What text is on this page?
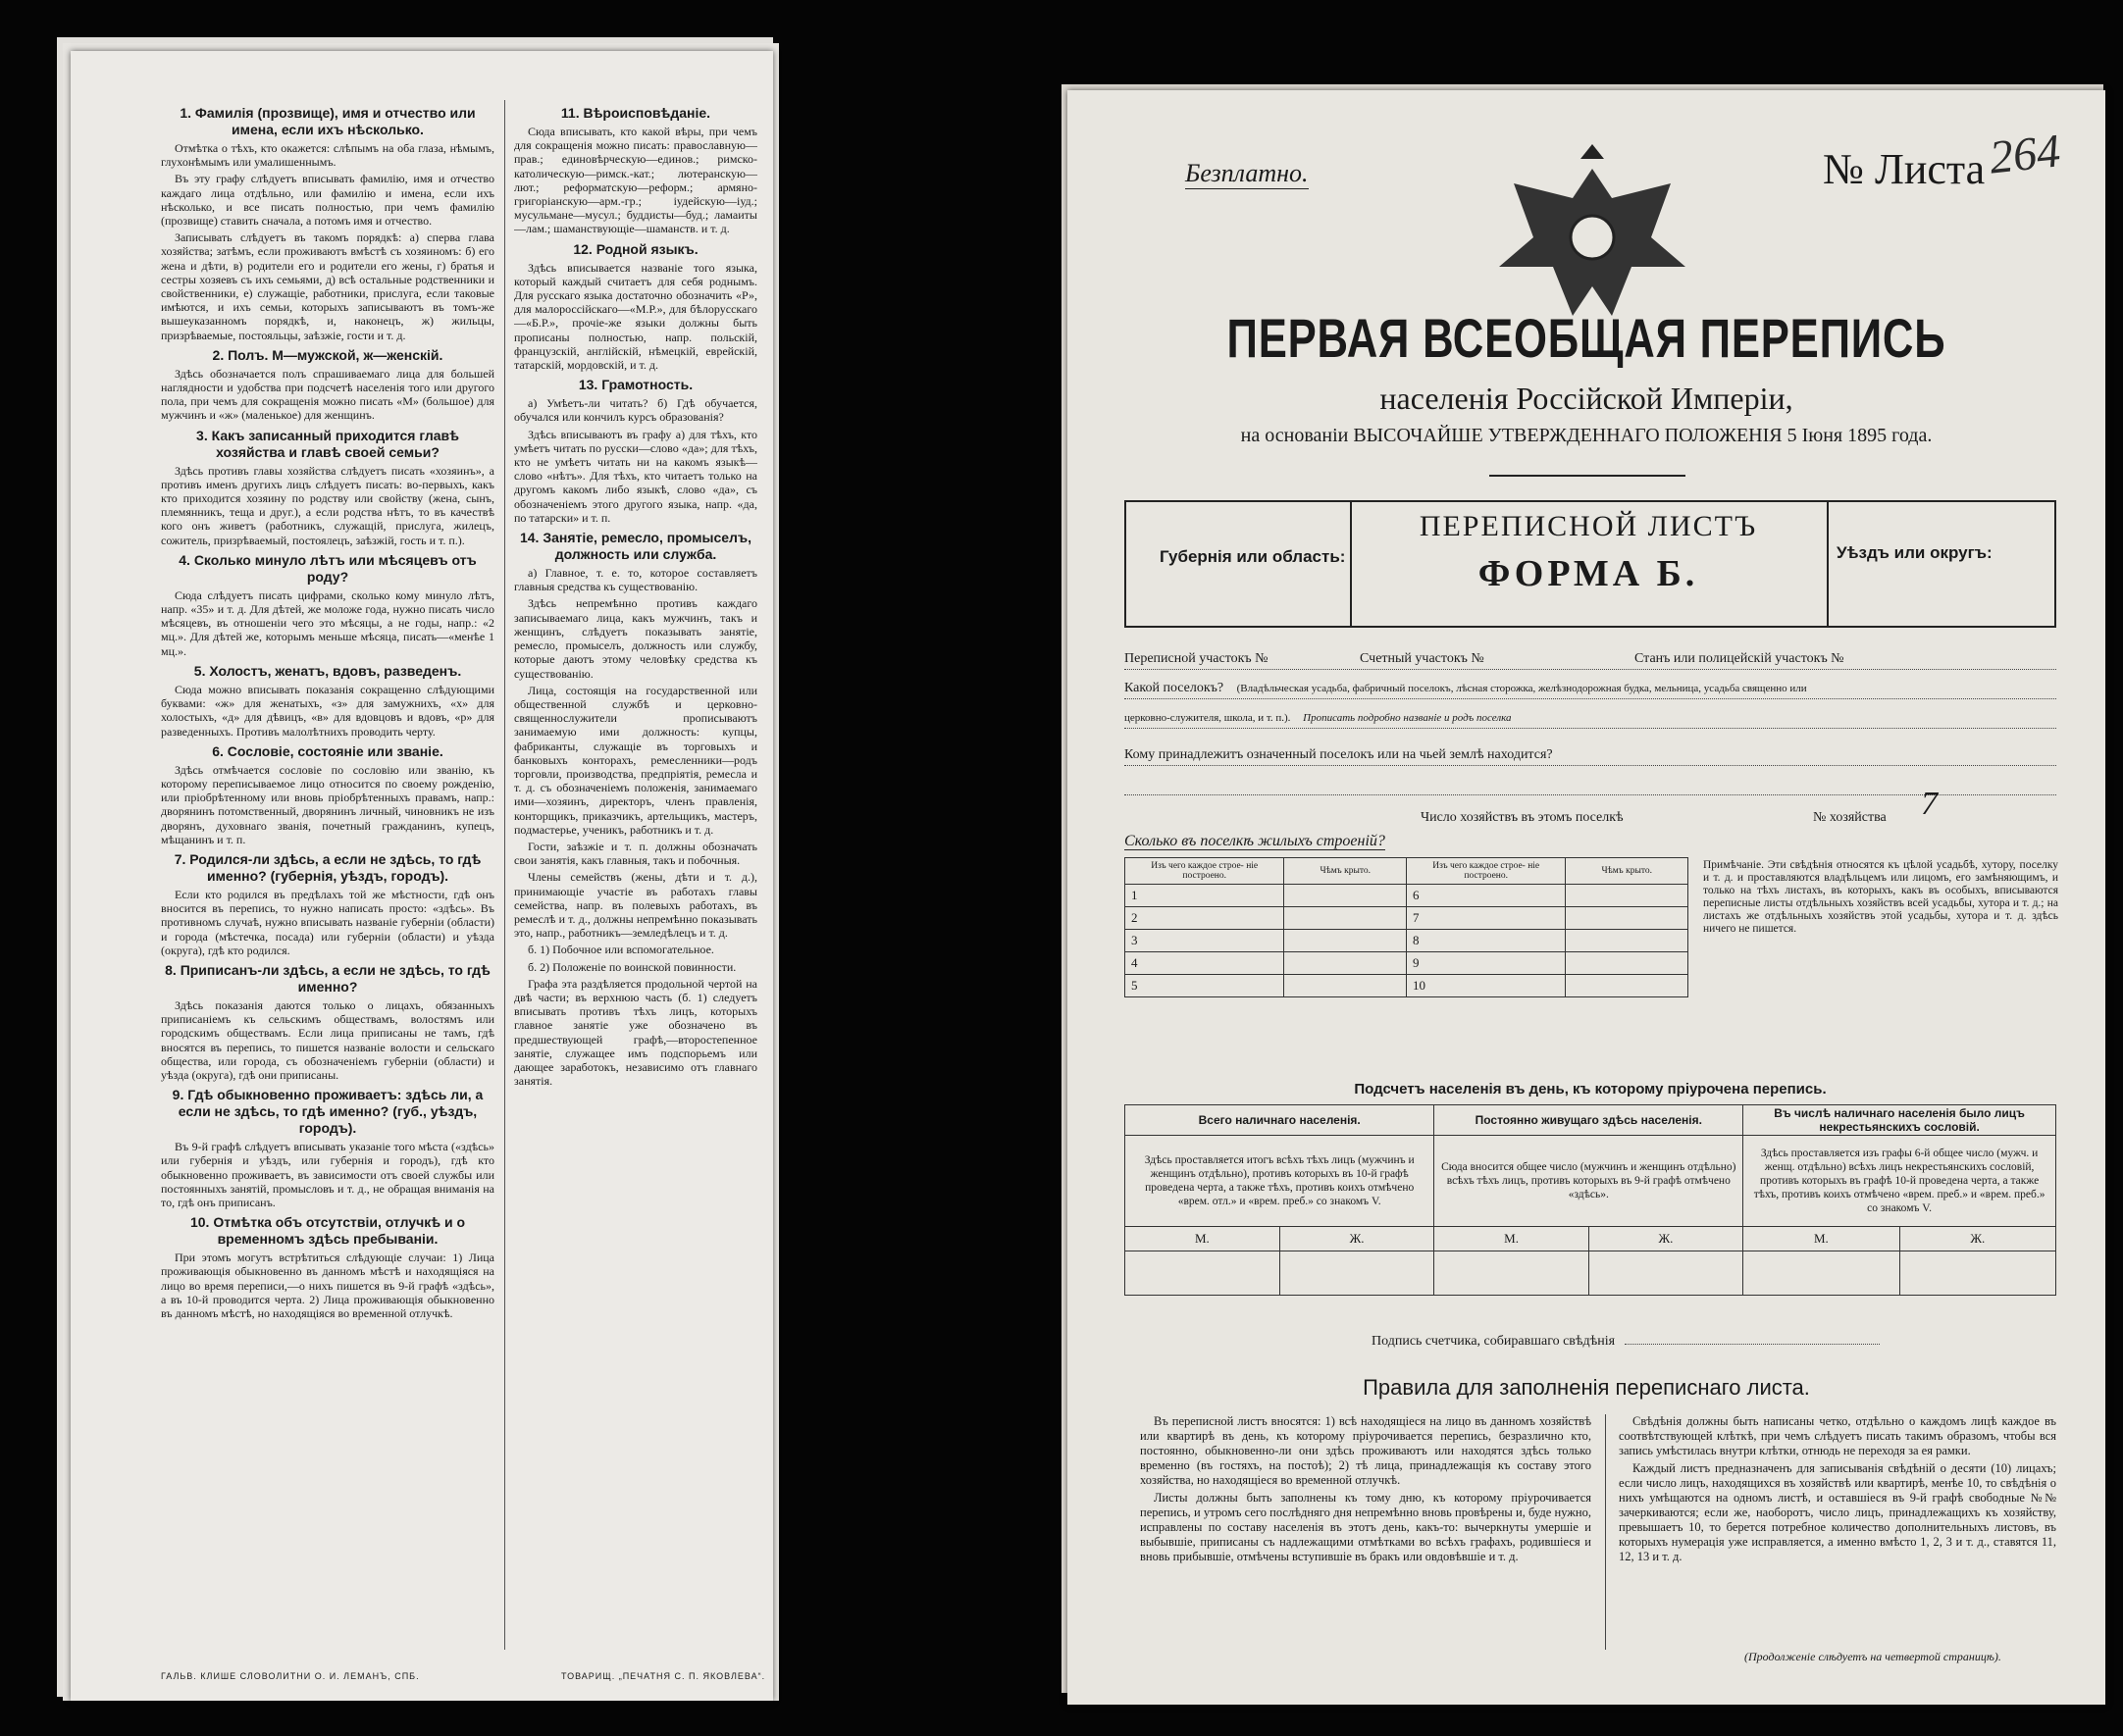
1. Фамилія (прозвище), имя и отчество или имена, если ихъ нѣсколько.

Отмѣтка о тѣхъ, кто окажется: слѣпымъ на оба глаза, нѣмымъ, глухонѣмымъ или умалишеннымъ.

Въ эту графу слѣдуетъ вписывать фамилію, имя и отчество каждаго лица отдѣльно, или фамилію и имена, если ихъ нѣсколько, и все писать полностью, при чемъ фамилію (прозвище) ставить сначала, а потомъ имя и отчество.

Записывать слѣдуетъ въ такомъ порядкѣ: а) сперва глава хозяйства; затѣмъ, если проживаютъ вмѣстѣ съ хозяиномъ: б) его жена и дѣти, в) родители его и родители его жены, г) братья и сестры хозяевъ съ ихъ семьями, д) всѣ остальные родственники и свойственники, е) служащіе, работники, прислуга, если таковые имѣются, и ихъ семьи, которыхъ записываютъ въ томъ-же вышеуказанномъ порядкѣ, и, наконецъ, ж) жильцы, призрѣваемые, постояльцы, заѣзжіе, гости и т. д.

2. Полъ. М—мужской, ж—женскій.

Здѣсь обозначается полъ спрашиваемаго лица для большей наглядности и удобства при подсчетѣ населенія того или другого пола, при чемъ для сокращенія можно писать «М» (большое) для мужчинъ и «ж» (маленькое) для женщинъ.

3. Какъ записанный приходится главѣ хозяйства и главѣ своей семьи?

Здѣсь противъ главы хозяйства слѣдуетъ писать «хозяинъ», а противъ именъ другихъ лицъ слѣдуетъ писать: во-первыхъ, какъ кто приходится хозяину по родству или свойству (жена, сынъ, племянникъ, теща и друг.), а если родства нѣтъ, то въ качествѣ кого онъ живетъ (работникъ, служащій, прислуга, жилецъ, сожитель, призрѣваемый, постоялецъ, заѣзжій, гость и т. п.).

4. Сколько минуло лѣтъ или мѣсяцевъ отъ роду?

Сюда слѣдуетъ писать цифрами, сколько кому минуло лѣтъ, напр. «35» и т. д. Для дѣтей, же моложе года, нужно писать число мѣсяцевъ, въ отношеніи чего это мѣсяцы, а не годы, напр.: «2 мц.». Для дѣтей же, которымъ меньше мѣсяца, писать—«менѣе 1 мц.».

5. Холостъ, женатъ, вдовъ, разведенъ.

Сюда можно вписывать показанія сокращенно слѣдующими буквами: «ж» для женатыхъ, «з» для замужнихъ, «х» для холостыхъ, «д» для дѣвицъ, «в» для вдовцовъ и вдовъ, «р» для разведенныхъ. Противъ малолѣтнихъ проводить черту.

6. Сословіе, состояніе или званіе.

Здѣсь отмѣчается сословіе по сословію или званію, къ которому переписываемое лицо относится по своему рожденію, или пріобрѣтенному или вновь пріобрѣтенныхъ правамъ, напр.: дворянинъ потомственный, дворянинъ личный, чиновникъ не изъ дворянъ, духовнаго званія, почетный гражданинъ, купецъ, мѣщанинъ и т. п.

7. Родился-ли здѣсь, а если не здѣсь, то гдѣ именно? (губернія, уѣздъ, городъ).

Если кто родился въ предѣлахъ той же мѣстности, гдѣ онъ вносится въ перепись, то нужно написать просто: «здѣсь». Въ противномъ случаѣ, нужно вписывать названіе губерніи (области) и города (мѣстечка, посада) или губерніи (области) и уѣзда (округа), гдѣ кто родился.

8. Приписанъ-ли здѣсь, а если не здѣсь, то гдѣ именно?

Здѣсь показанія даются только о лицахъ, обязанныхъ приписаніемъ къ сельскимъ обществамъ, волостямъ или городскимъ обществамъ. Если лица приписаны не тамъ, гдѣ вносятся въ перепись, то пишется названіе волости и сельскаго общества, или города, съ обозначеніемъ губерніи (области) и уѣзда (округа), гдѣ они приписаны.

9. Гдѣ обыкновенно проживаетъ: здѣсь ли, а если не здѣсь, то гдѣ именно? (губ., уѣздъ, городъ).

Въ 9-й графѣ слѣдуетъ вписывать указаніе того мѣста («здѣсь» или губернія и уѣздъ, или губернія и городъ), гдѣ кто обыкновенно проживаетъ, въ зависимости отъ своей службы или постоянныхъ занятій, промысловъ и т. д., не обращая вниманія на то, гдѣ онъ приписанъ.

10. Отмѣтка объ отсутствіи, отлучкѣ и о временномъ здѣсь пребываніи.

При этомъ могутъ встрѣтиться слѣдующіе случаи: 1) Лица проживающія обыкновенно въ данномъ мѣстѣ и находящіяся на лицо во время переписи,—о нихъ пишется въ 9-й графѣ «здѣсь», а въ 10-й проводится черта. 2) Лица проживающія обыкновенно въ данномъ мѣстѣ, но находящіяся во временной отлучкѣ.

11. Вѣроисповѣданіе.

Сюда вписывать, кто какой вѣры, при чемъ для сокращенія можно писать: православную—прав.; единовѣрческую—единов.; римско-католическую—римск.-кат.; лютеранскую—лют.; реформатскую—реформ.; армяно-григоріанскую—арм.-гр.; іудейскую—іуд.; мусульмане—мусул.; буддисты—буд.; ламаиты—лам.; шаманствующіе—шаманств. и т. д.

12. Родной языкъ.

Здѣсь вписывается названіе того языка, который каждый считаетъ для себя роднымъ. Для русскаго языка достаточно обозначить «Р», для малороссійскаго—«М.Р.», для бѣлорусскаго—«Б.Р.», прочіе-же языки должны быть прописаны полностью, напр. польскій, французскій, англійскій, нѣмецкій, еврейскій, татарскій, мордовскій, и т. д.

13. Грамотность.

а) Умѣетъ-ли читать? б) Гдѣ обучается, обучался или кончилъ курсъ образованія?

Здѣсь вписываютъ въ графу а) для тѣхъ, кто умѣетъ читать по русски—слово «да»; для тѣхъ, кто не умѣетъ читать ни на какомъ языкѣ—слово «нѣтъ». Для тѣхъ, кто читаетъ только на другомъ какомъ либо языкѣ, слово «да», съ обозначеніемъ этого другого языка, напр. «да, по татарски» и т. п.

14. Занятіе, ремесло, промыселъ, должность или служба.

а) Главное, т. е. то, которое составляетъ главныя средства къ существованію.

Здѣсь непремѣнно противъ каждаго записываемаго лица, какъ мужчинъ, такъ и женщинъ, слѣдуетъ показывать занятіе, ремесло, промыселъ, должность или службу, которые даютъ этому человѣку средства къ существованію.

Лица, состоящія на государственной или общественной службѣ и церковно-священнослужители прописываютъ занимаемую ими должность: купцы, фабриканты, служащіе въ торговыхъ и банковыхъ конторахъ, ремесленники—родъ торговли, производства, предпріятія, ремесла и т. д. съ обозначеніемъ положенія, занимаемаго ими—хозяинъ, директоръ, членъ правленія, конторщикъ, приказчикъ, артельщикъ, мастеръ, подмастерье, ученикъ, работникъ и т. д.

Гости, заѣзжіе и т. п. должны обозначать свои занятія, какъ главныя, такъ и побочныя.

Члены семействъ (жены, дѣти и т. д.), принимающіе участіе въ работахъ главы семейства, напр. въ полевыхъ работахъ, въ ремеслѣ и т. д., должны непремѣнно показывать это, напр., работникъ—земледѣлецъ и т. д.

б. 1) Побочное или вспомогательное.

б. 2) Положеніе по воинской повинности.

Графа эта раздѣляется продольной чертой на двѣ части; въ верхнюю часть (б. 1) следуетъ вписывать противъ тѣхъ лицъ, которыхъ главное занятіе уже обозначено въ предшествующей графѣ,—второстепенное занятіе, служащее имъ подспорьемъ или дающее заработокъ, независимо отъ главнаго занятія.

ГАЛЬВ. КЛИШЕ СЛОВОЛИТНИ О. И. ЛЕМАНЪ, СПБ.	ТОВАРИЩ. „ПЕЧАТНЯ С. П. ЯКОВЛЕВА“.
Безплатно.	№ Листа 264
ПЕРВАЯ ВСЕОБЩАЯ ПЕРЕПИСЬ
населенія Россійской Имперіи,
на основаніи ВЫСОЧАЙШЕ УТВЕРЖДЕННАГО ПОЛОЖЕНІЯ 5 Іюня 1895 года.
Губернія или область:
ПЕРЕПИСНОЙ ЛИСТЪ
ФОРМА Б.
Уѣздъ или округъ:
Переписной участокъ №	Счетный участокъ №	Станъ или полицейскій участокъ №
Какой поселокъ? (Владѣльческая усадьба, фабричный поселокъ, лѣсная сторожка, желѣзнодорожная будка, мельница, усадьба священно или
церковно-служителя, школа, и т. п.). Прописать подробно названіе и родъ поселка
Кому принадлежитъ означенный поселокъ или на чьей землѣ находится?
Число хозяйствъ въ этомъ поселкѣ	№ хозяйства 7
Сколько въ поселкѣ жилыхъ строеній?
Изъ чего каждое строе- ніе построено.	Чѣмъ крыто.	Изъ чего каждое строе- ніе построено.	Чѣмъ крыто.
1		6	
2		7	
3		8	
4		9	
5		10	
Примѣчаніе. Эти свѣдѣнія относятся къ цѣлой усадьбѣ, хутору, поселку и т. д. и проставляются владѣльцемъ или лицомъ, его замѣняющимъ, и только на тѣхъ листахъ, въ которыхъ, какъ въ особыхъ, вписываются переписные листы отдѣльныхъ хозяйствъ всей усадьбы, хутора и т. д.; на листахъ же отдѣльныхъ хозяйствъ этой усадьбы, хутора и т. д. здѣсь ничего не пишется.
Подсчетъ населенія въ день, къ которому пріурочена перепись.
Всего наличнаго населенія.		Постоянно живущаго здѣсь населенія.		Въ числѣ наличнаго населенія было лицъ некрестьянскихъ сословій.	
Здѣсь проставляется итогъ всѣхъ тѣхъ лицъ (мужчинъ и женщинъ отдѣльно), противъ которыхъ въ 10-й графѣ проведена черта, а также тѣхъ, противъ коихъ отмѣчено «врем. отл.» и «врем. преб.» со знакомъ V.		Сюда вносится общее число (мужчинъ и женщинъ отдѣльно) всѣхъ тѣхъ лицъ, противъ которыхъ въ 9-й графѣ отмѣчено «здѣсь».		Здѣсь проставляется изъ графы 6-й общее число (мужч. и женщ. отдѣльно) всѣхъ лицъ некрестьянскихъ сословій, противъ которыхъ въ графѣ 10-й проведена черта, а также тѣхъ, противъ коихъ отмѣчено «врем. преб.» и «врем. преб.» со знакомъ V.	
М.	Ж.	М.	Ж.	М.	Ж.

Подпись счетчика, собиравшаго свѣдѣнія
Правила для заполненія переписнаго листа.

Въ переписной листъ вносятся: 1) всѣ находящіеся на лицо въ данномъ хозяйствѣ или квартирѣ въ день, къ которому пріурочивается перепись, безразлично кто, постоянно, обыкновенно-ли они здѣсь проживаютъ или находятся здѣсь только временно (въ гостяхъ, на постоѣ); 2) тѣ лица, принадлежащія къ составу этого хозяйства, но находящіеся во временной отлучкѣ.

Листы должны быть заполнены къ тому дню, къ которому пріурочивается перепись, и утромъ сего послѣдняго дня непремѣнно вновь провѣрены и, буде нужно, исправлены по составу населенія въ этотъ день, какъ-то: вычеркнуты умершіе и выбывшіе, приписаны съ надлежащими отмѣтками во всѣхъ графахъ, родившіеся и вновь прибывшіе, отмѣчены вступившіе въ бракъ или овдовѣвшіе и т. д.

Свѣдѣнія должны быть написаны четко, отдѣльно о каждомъ лицѣ каждое въ соотвѣтствующей клѣткѣ, при чемъ слѣдуетъ писать такимъ образомъ, чтобы вся запись умѣстилась внутри клѣтки, отнюдь не переходя за ея рамки.

Каждый листъ предназначенъ для записыванія свѣдѣній о десяти (10) лицахъ; если число лицъ, находящихся въ хозяйствѣ или квартирѣ, менѣе 10, то свѣдѣнія о нихъ умѣщаются на одномъ листѣ, и оставшіеся въ 9-й графѣ свободные №№ зачеркиваются; если же, наоборотъ, число лицъ, принадлежащихъ къ хозяйству, превышаетъ 10, то берется потребное количество дополнительныхъ листовъ, въ которыхъ нумерація уже исправляется, а именно вмѣсто 1, 2, 3 и т. д., ставятся 11, 12, 13 и т. д.

(Продолженіе слѣдуетъ на четвертой страницѣ).
